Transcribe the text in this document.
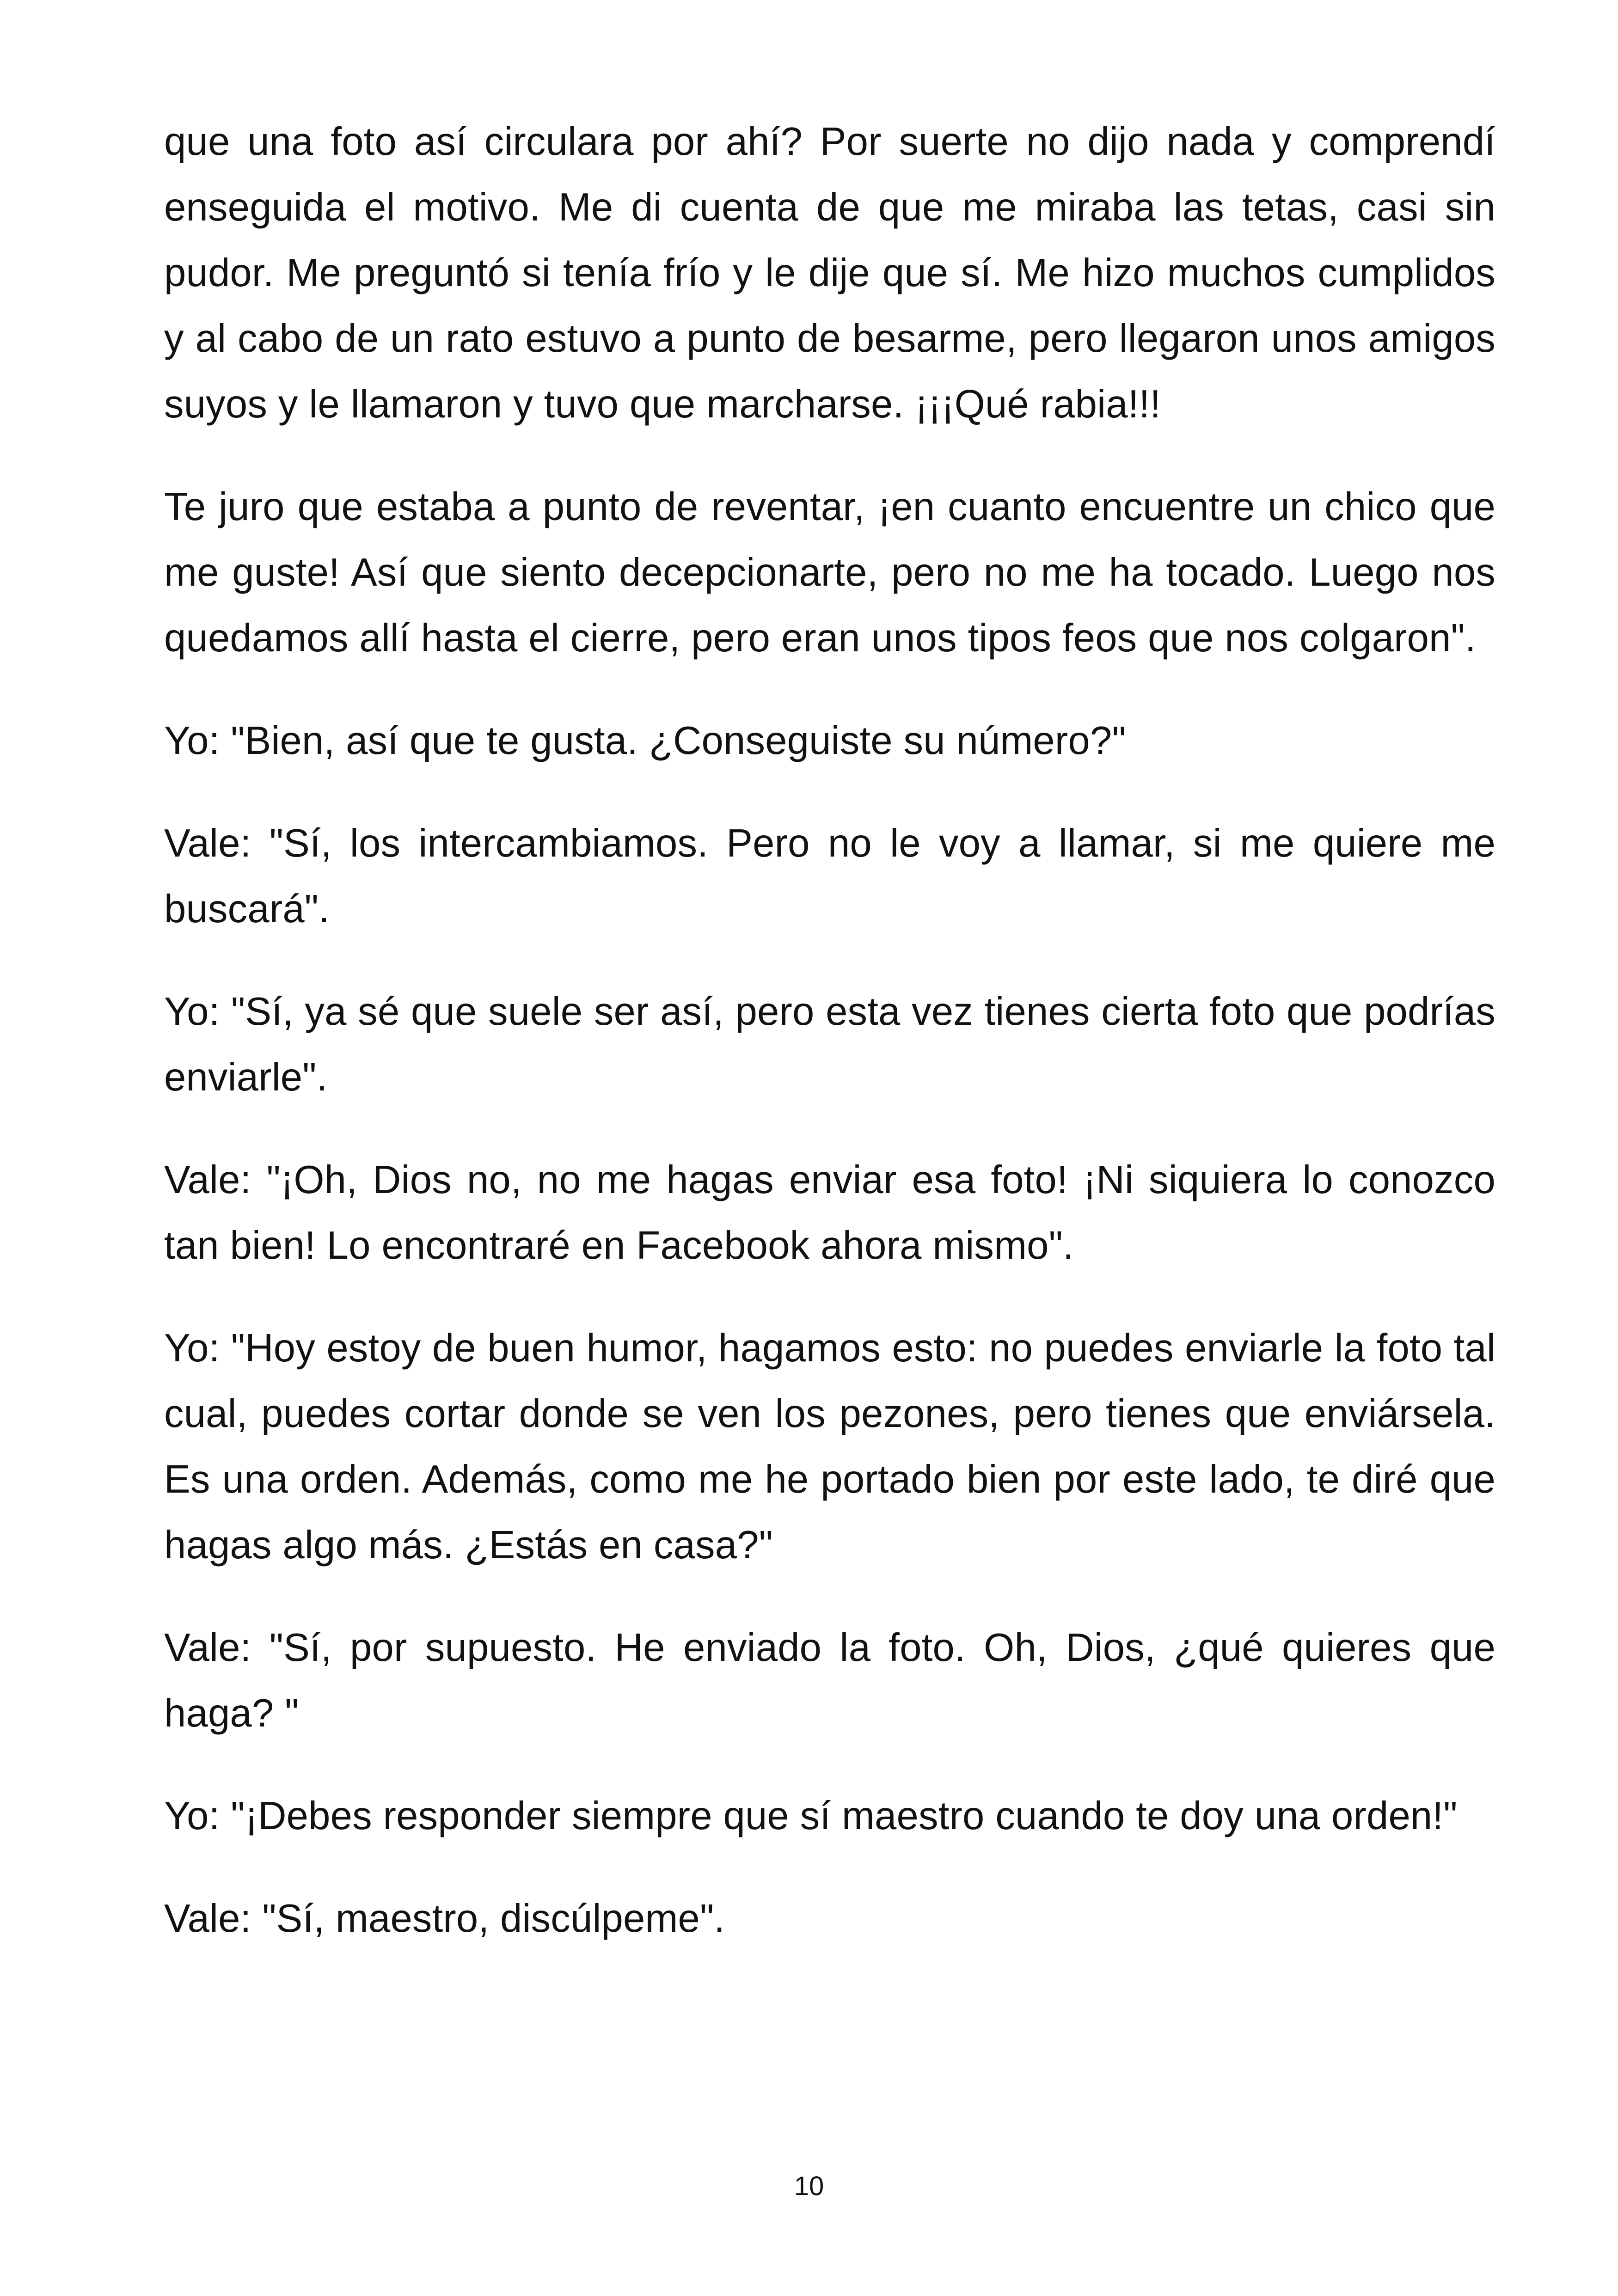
que una foto así circulara por ahí? Por suerte no dijo nada y comprendí enseguida el motivo. Me di cuenta de que me miraba las tetas, casi sin pudor. Me preguntó si tenía frío y le dije que sí. Me hizo muchos cumplidos y al cabo de un rato estuvo a punto de besarme, pero llegaron unos amigos suyos y le llamaron y tuvo que marcharse. ¡¡¡Qué rabia!!!

Te juro que estaba a punto de reventar, ¡en cuanto encuentre un chico que me guste! Así que siento decepcionarte, pero no me ha tocado. Luego nos quedamos allí hasta el cierre, pero eran unos tipos feos que nos colgaron".

Yo: "Bien, así que te gusta. ¿Conseguiste su número?"

Vale: "Sí, los intercambiamos. Pero no le voy a llamar, si me quiere me buscará".

Yo: "Sí, ya sé que suele ser así, pero esta vez tienes cierta foto que podrías enviarle".

Vale: "¡Oh, Dios no, no me hagas enviar esa foto! ¡Ni siquiera lo conozco tan bien! Lo encontraré en Facebook ahora mismo".

Yo: "Hoy estoy de buen humor, hagamos esto: no puedes enviarle la foto tal cual, puedes cortar donde se ven los pezones, pero tienes que enviársela. Es una orden. Además, como me he portado bien por este lado, te diré que hagas algo más. ¿Estás en casa?"

Vale: "Sí, por supuesto. He enviado la foto. Oh, Dios, ¿qué quieres que haga? "

Yo: "¡Debes responder siempre que sí maestro cuando te doy una orden!"

Vale: "Sí, maestro, discúlpeme".

10
